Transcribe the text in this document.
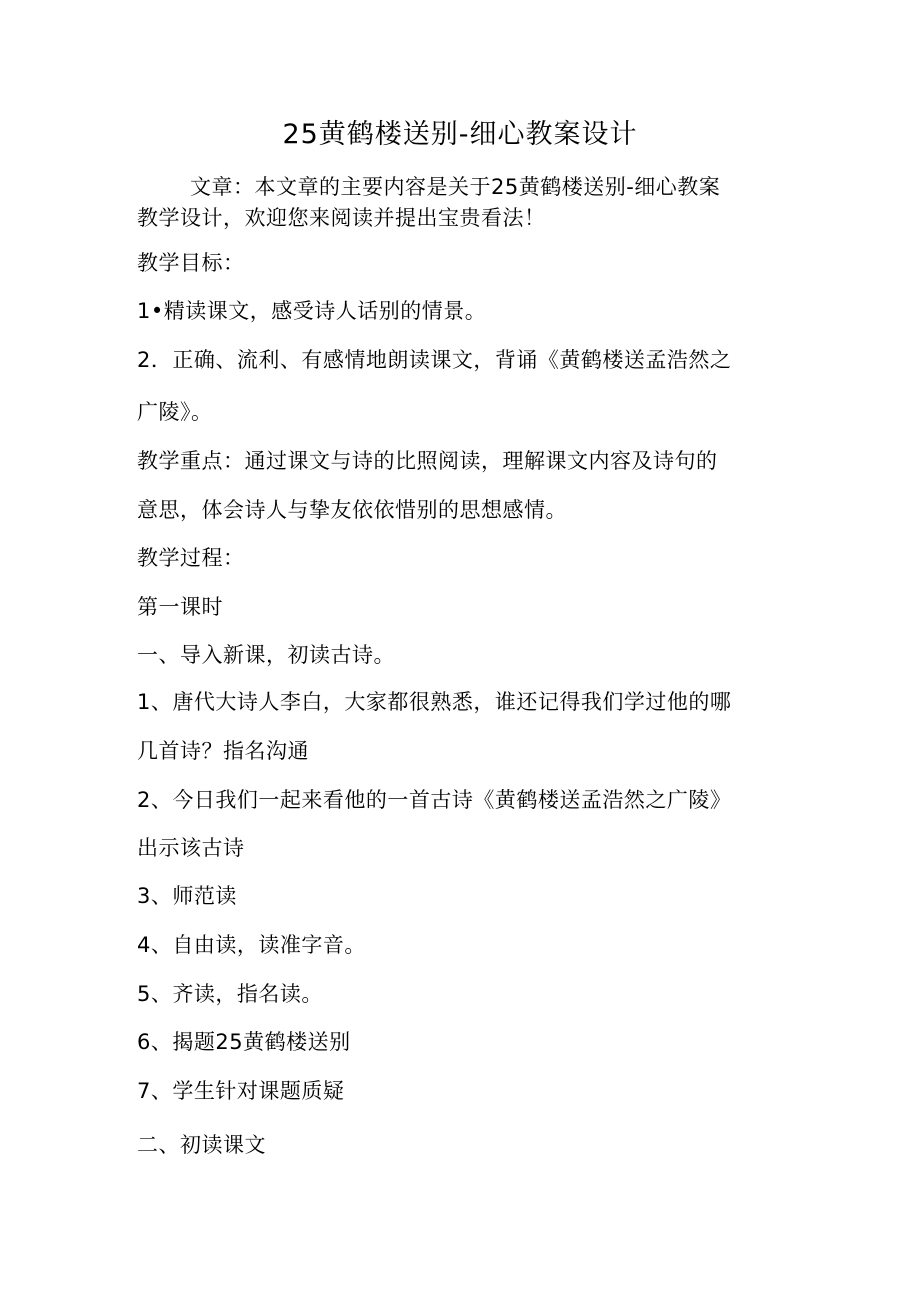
25黄鹤楼送别-细心教案设计
文章：本文章的主要内容是关于25黄鹤楼送别-细心教案
教学设计，欢迎您来阅读并提出宝贵看法！
教学目标：
1•精读课文，感受诗人话别的情景。
2．正确、流利、有感情地朗读课文，背诵《黄鹤楼送孟浩然之
广陵》。
教学重点：通过课文与诗的比照阅读，理解课文内容及诗句的
意思，体会诗人与挚友依依惜别的思想感情。
教学过程：
第一课时
一、导入新课，初读古诗。
1、唐代大诗人李白，大家都很熟悉，谁还记得我们学过他的哪
几首诗？指名沟通
2、今日我们一起来看他的一首古诗《黄鹤楼送孟浩然之广陵》
出示该古诗
3、师范读
4、自由读，读准字音。
5、齐读，指名读。
6、揭题25黄鹤楼送别
7、学生针对课题质疑
二、初读课文
